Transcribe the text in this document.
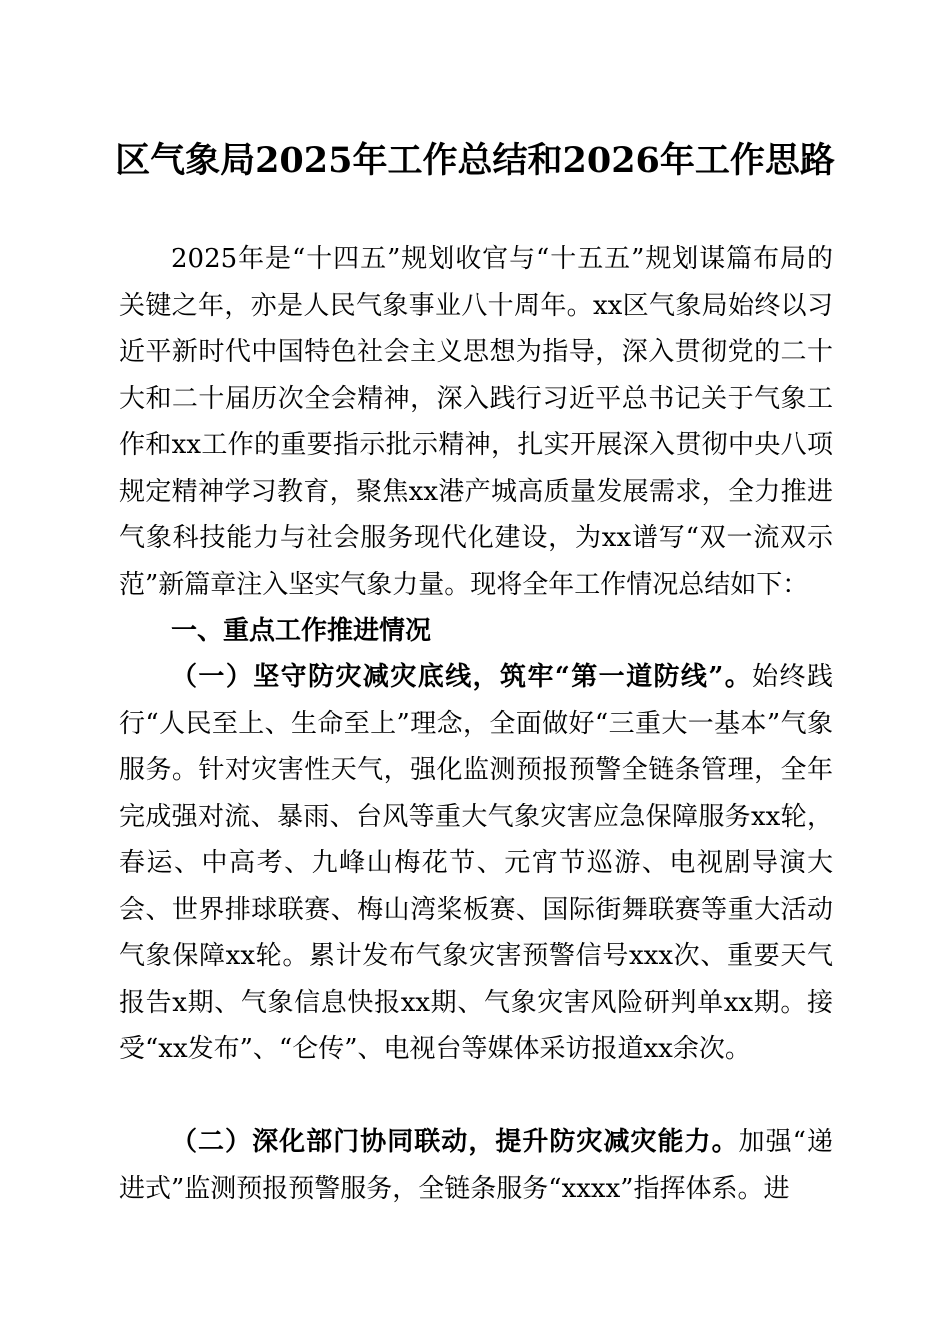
区气象局2025年工作总结和2026年工作思路

2025年是“十四五”规划收官与“十五五”规划谋篇布局的关键之年，亦是人民气象事业八十周年。xx区气象局始终以习近平新时代中国特色社会主义思想为指导，深入贯彻党的二十大和二十届历次全会精神，深入践行习近平总书记关于气象工作和xx工作的重要指示批示精神，扎实开展深入贯彻中央八项规定精神学习教育，聚焦xx港产城高质量发展需求，全力推进气象科技能力与社会服务现代化建设，为xx谱写“双一流双示范”新篇章注入坚实气象力量。现将全年工作情况总结如下：

一、重点工作推进情况

（一）坚守防灾减灾底线，筑牢“第一道防线”。始终践行“人民至上、生命至上”理念，全面做好“三重大一基本”气象服务。针对灾害性天气，强化监测预报预警全链条管理，全年完成强对流、暴雨、台风等重大气象灾害应急保障服务xx轮，春运、中高考、九峰山梅花节、元宵节巡游、电视剧导演大会、世界排球联赛、梅山湾桨板赛、国际街舞联赛等重大活动气象保障xx轮。累计发布气象灾害预警信号xxx次、重要天气报告x期、气象信息快报xx期、气象灾害风险研判单xx期。接受“xx发布”、“仑传”、电视台等媒体采访报道xx余次。

（二）深化部门协同联动，提升防灾减灾能力。加强“递进式”监测预报预警服务，全链条服务“xxxx”指挥体系。进
